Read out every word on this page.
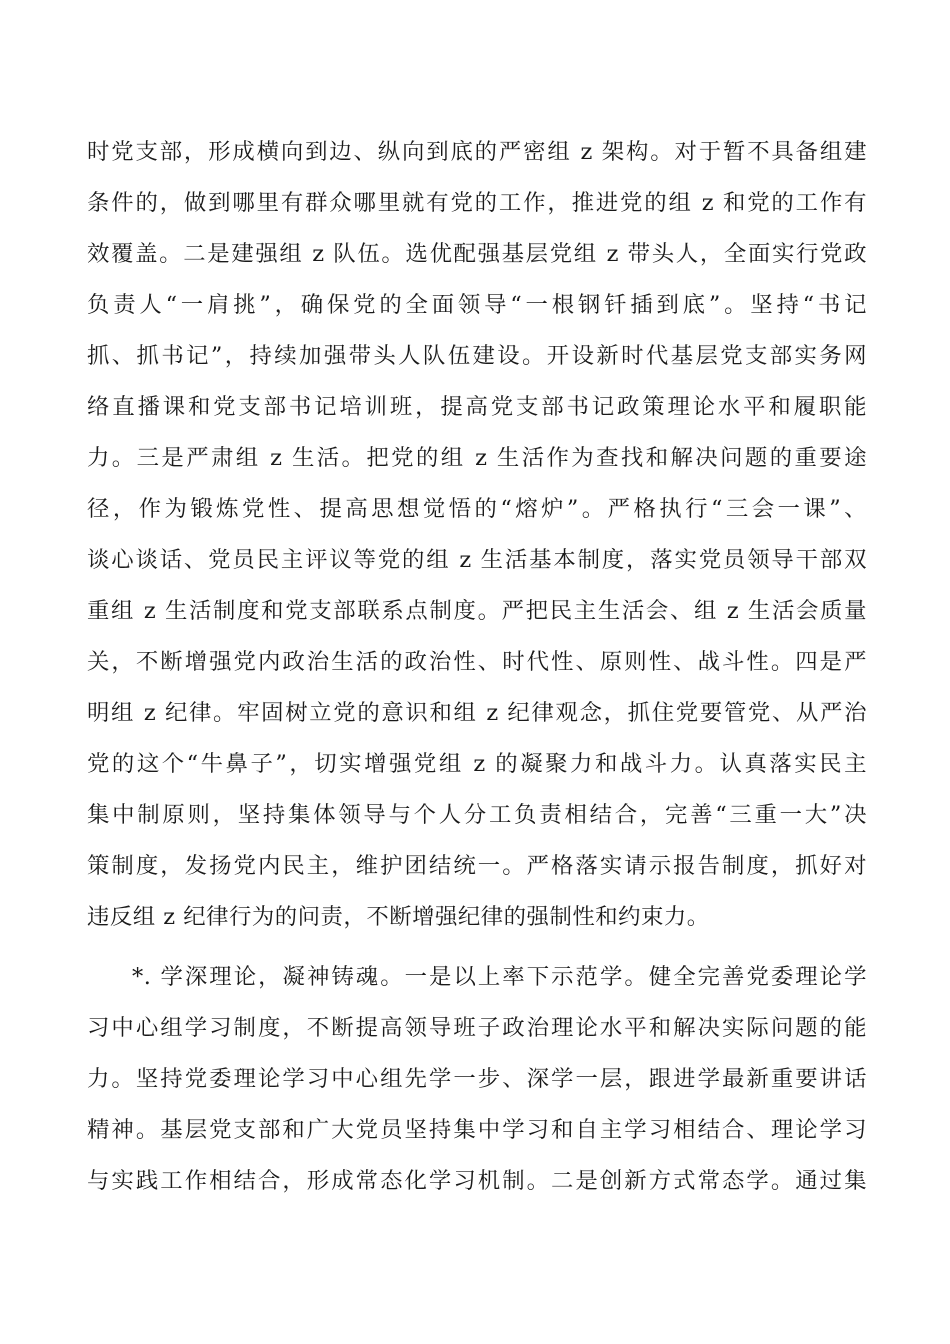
时党支部，形成横向到边、纵向到底的严密组 z 架构。对于暂不具备组建
条件的，做到哪里有群众哪里就有党的工作，推进党的组 z 和党的工作有
效覆盖。二是建强组 z 队伍。选优配强基层党组 z 带头人，全面实行党政
负责人“一肩挑”，确保党的全面领导“一根钢钎插到底”。坚持“书记
抓、抓书记”，持续加强带头人队伍建设。开设新时代基层党支部实务网
络直播课和党支部书记培训班，提高党支部书记政策理论水平和履职能
力。三是严肃组 z 生活。把党的组 z 生活作为查找和解决问题的重要途
径，作为锻炼党性、提高思想觉悟的“熔炉”。严格执行“三会一课”、
谈心谈话、党员民主评议等党的组 z 生活基本制度，落实党员领导干部双
重组 z 生活制度和党支部联系点制度。严把民主生活会、组 z 生活会质量
关，不断增强党内政治生活的政治性、时代性、原则性、战斗性。四是严
明组 z 纪律。牢固树立党的意识和组 z 纪律观念，抓住党要管党、从严治
党的这个“牛鼻子”，切实增强党组 z 的凝聚力和战斗力。认真落实民主
集中制原则，坚持集体领导与个人分工负责相结合，完善“三重一大”决
策制度，发扬党内民主，维护团结统一。严格落实请示报告制度，抓好对
违反组 z 纪律行为的问责，不断增强纪律的强制性和约束力。
*. 学深理论，凝神铸魂。一是以上率下示范学。健全完善党委理论学
习中心组学习制度，不断提高领导班子政治理论水平和解决实际问题的能
力。坚持党委理论学习中心组先学一步、深学一层，跟进学最新重要讲话
精神。基层党支部和广大党员坚持集中学习和自主学习相结合、理论学习
与实践工作相结合，形成常态化学习机制。二是创新方式常态学。通过集
